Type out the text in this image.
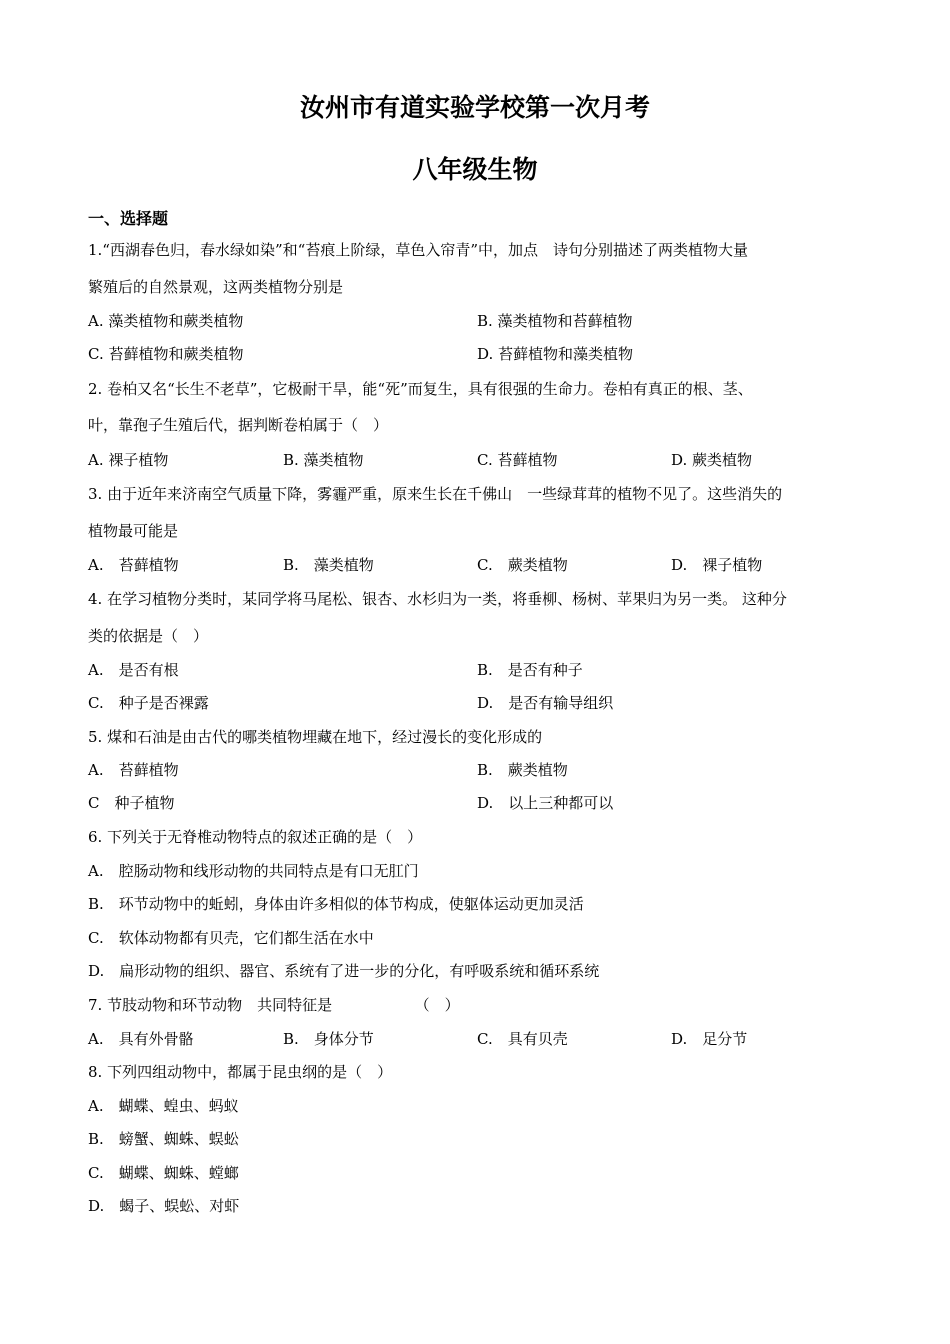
汝州市有道实验学校第一次月考
八年级生物
一、选择题
1.“西湖春色归，春水绿如染”和“苔痕上阶绿，草色入帘青”中，加点　诗句分别描述了两类植物大量
繁殖后的自然景观，这两类植物分别是
A. 藻类植物和蕨类植物	B. 藻类植物和苔藓植物
C. 苔藓植物和蕨类植物	D. 苔藓植物和藻类植物
2. 卷柏又名“长生不老草”，它极耐干旱，能“死”而复生，具有很强的生命力。卷柏有真正的根、茎、
叶，靠孢子生殖后代，据判断卷柏属于（　）
A. 裸子植物	B. 藻类植物	C. 苔藓植物	D. 蕨类植物
3. 由于近年来济南空气质量下降，雾霾严重，原来生长在千佛山　一些绿茸茸的植物不见了。这些消失的
植物最可能是
A.　苔藓植物	B.　藻类植物	C.　蕨类植物	D.　裸子植物
4. 在学习植物分类时，某同学将马尾松、银杏、水杉归为一类，将垂柳、杨树、苹果归为另一类。 这种分
类的依据是（　）
A.　是否有根	B.　是否有种子
C.　种子是否裸露	D.　是否有输导组织
5. 煤和石油是由古代的哪类植物埋藏在地下，经过漫长的变化形成的
A.　苔藓植物	B.　蕨类植物
C　种子植物	D.　以上三种都可以
6. 下列关于无脊椎动物特点的叙述正确的是（　）
A.　腔肠动物和线形动物的共同特点是有口无肛门
B.　环节动物中的蚯蚓，身体由许多相似的体节构成，使躯体运动更加灵活
C.　软体动物都有贝壳，它们都生活在水中
D.　扁形动物的组织、器官、系统有了进一步的分化，有呼吸系统和循环系统
7. 节肢动物和环节动物　共同特征是　　　　　　（　）
A.　具有外骨骼	B.　身体分节	C.　具有贝壳	D.　足分节
8. 下列四组动物中，都属于昆虫纲的是（　）
A.　蝴蝶、蝗虫、蚂蚁
B.　螃蟹、蜘蛛、蜈蚣
C.　蝴蝶、蜘蛛、螳螂
D.　蝎子、蜈蚣、对虾
